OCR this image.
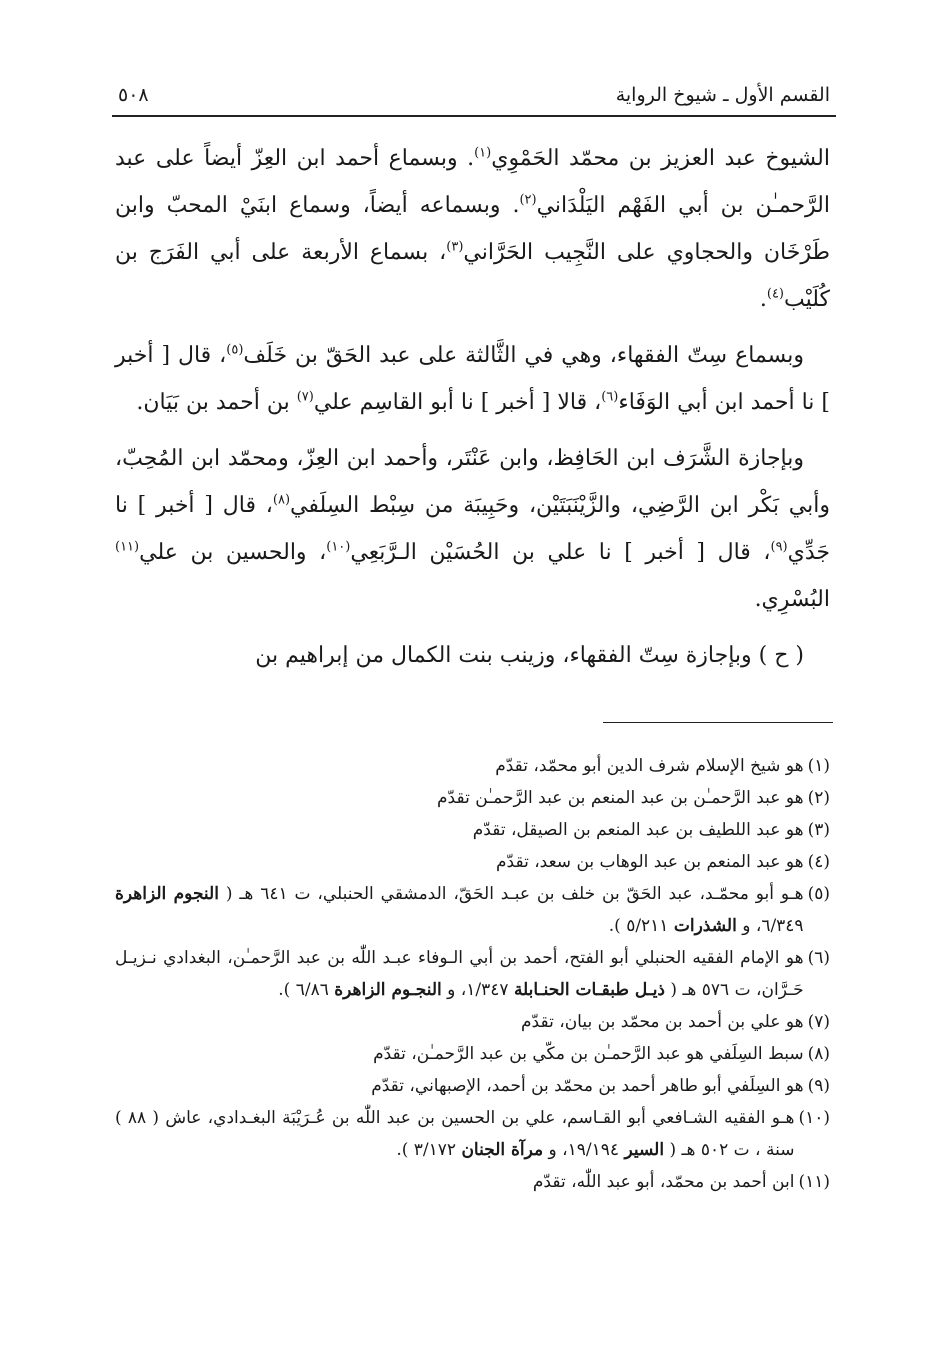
القسم الأول ـ شيوخ الرواية
٥٠٨

الشيوخ عبد العزيز بن محمّد الحَمْوِي$^{(١)}$. وبسماع أحمد ابن العِزّ أيضاً على عبد الرَّحمـٰن بن أبي الفَهْم اليَلْدَاني$^{(٢)}$. وبسماعه أيضاً، وسماع ابنَيْ المحبّ وابن طَرْخَان والحجاوي على النَّجِيب الحَرَّاني$^{(٣)}$، بسماع الأربعة على أبي الفَرَج بن كُلَيْب$^{(٤)}$.

وبسماع سِتّ الفقهاء، وهي في الثَّالثة على عبد الحَقّ بن خَلَف$^{(٥)}$، قال [ أخبر ] نا أحمد ابن أبي الوَفَاء$^{(٦)}$، قالا [ أخبر ] نا أبو القاسِم علي$^{(٧)}$ بن أحمد بن بَيَان.

وبإجازة الشَّرَف ابن الحَافِظ، وابن عَنْتَر، وأحمد ابن العِزّ، ومحمّد ابن المُحِبّ، وأبي بَكْر ابن الرَّضِي، والزَّيْنَبَتَيْن، وحَبِيبَة من سِبْط السِلَفي$^{(٨)}$، قال [ أخبر ] نا جَدِّي$^{(٩)}$، قال [ أخبر ] نا علي بن الحُسَيْن الـرَّبَعِي$^{(١٠)}$، والحسين بن علي$^{(١١)}$ البُسْرِي.

( ح ) وبإجازة سِتّ الفقهاء، وزينب بنت الكمال من إبراهيم بن

(١)
هو شيخ الإسلام شرف الدين أبو محمّد، تقدّم
(٢)
هو عبد الرَّحمـٰن بن عبد المنعم بن عبد الرَّحمـٰن تقدّم
(٣)
هو عبد اللطيف بن عبد المنعم بن الصيقل، تقدّم
(٤)
هو عبد المنعم بن عبد الوهاب بن سعد، تقدّم
(٥)
هـو أبو محمّـد، عبد الحَقّ بن خلف بن عبـد الحَقّ، الدمشقي الحنبلي، ت ٦٤١ هـ ( النجوم الزاهرة ٦/٣٤٩، و الشذرات ٥/٢١١ ).
(٦)
هو الإمام الفقيه الحنبلي أبو الفتح، أحمد بن أبي الـوفاء عبـد اللّٰه بن عبد الرَّحمـٰن، البغدادي نـزيـل حَـرَّان، ت ٥٧٦ هـ ( ذيـل طبقـات الحنـابلة ١/٣٤٧، و النجـوم الزاهرة ٦/٨٦ ).
(٧)
هو علي بن أحمد بن محمّد بن بيان، تقدّم
(٨)
سبط السِلَفي هو عبد الرَّحمـٰن بن مكّي بن عبد الرَّحمـٰن، تقدّم
(٩)
هو السِلَفي أبو طاهر أحمد بن محمّد بن أحمد، الإصبهاني، تقدّم
(١٠)
هـو الفقيه الشـافعي أبو القـاسم، علي بن الحسين بن عبد اللّٰه بن عُـرَيْبَة البغـدادي، عاش ( ٨٨ ) سنة ، ت ٥٠٢ هـ ( السير ١٩/١٩٤، و مرآة الجنان ٣/١٧٢ ).
(١١)
ابن أحمد بن محمّد، أبو عبد اللّٰه، تقدّم
